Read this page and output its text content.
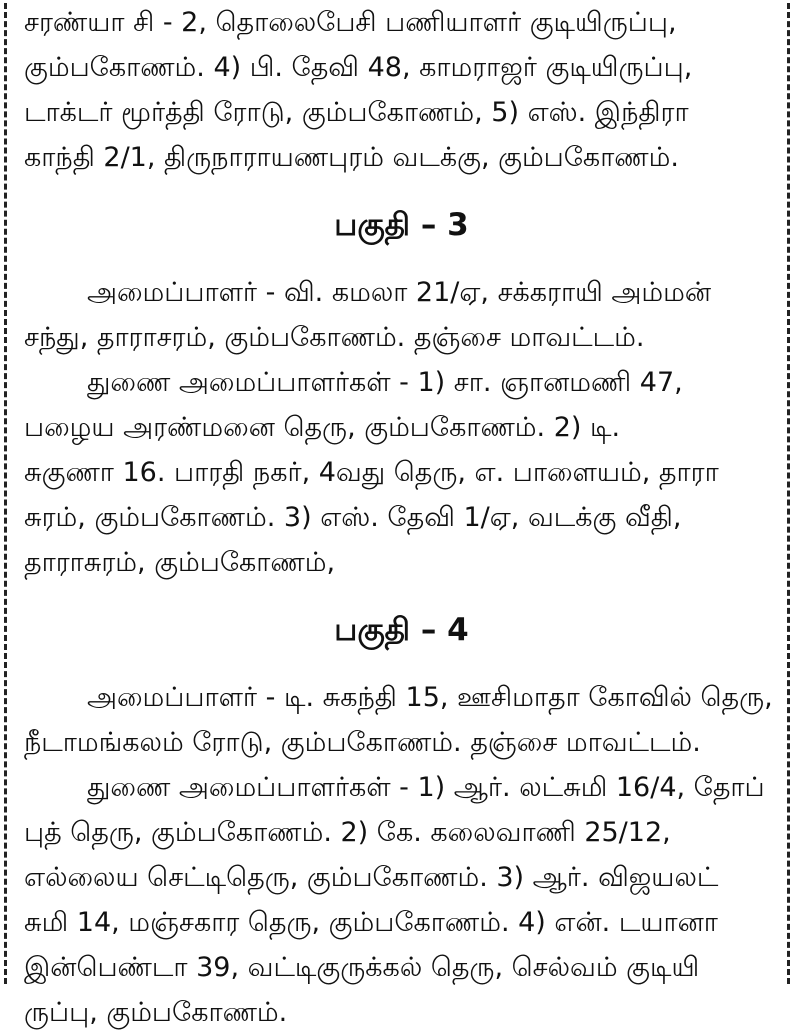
சரண்யா சி - 2, தொலைபேசி பணியாளர் குடியிருப்பு,
கும்பகோணம். 4) பி. தேவி 48, காமராஜர் குடியிருப்பு,
டாக்டர் மூர்த்தி ரோடு, கும்பகோணம், 5) எஸ். இந்திரா
காந்தி 2/1, திருநாராயணபுரம் வடக்கு, கும்பகோணம்.
பகுதி – 3
அமைப்பாளர் - வி. கமலா 21/ஏ, சக்கராயி அம்மன்
சந்து, தாராசரம், கும்பகோணம். தஞ்சை மாவட்டம்.
துணை அமைப்பாளர்கள் - 1) சா. ஞானமணி 47,
பழைய அரண்மனை தெரு, கும்பகோணம். 2) டி.
சுகுணா 16. பாரதி நகர், 4வது தெரு, எ. பாளையம், தாரா
சுரம், கும்பகோணம். 3) எஸ். தேவி 1/ஏ, வடக்கு வீதி,
தாராசுரம், கும்பகோணம்,
பகுதி – 4
அமைப்பாளர் - டி. சுகந்தி 15, ஊசிமாதா கோவில் தெரு,
நீடாமங்கலம் ரோடு, கும்பகோணம். தஞ்சை மாவட்டம்.
துணை அமைப்பாளர்கள் - 1) ஆர். லட்சுமி 16/4, தோப்
புத் தெரு, கும்பகோணம். 2) கே. கலைவாணி 25/12,
எல்லைய செட்டிதெரு, கும்பகோணம். 3) ஆர். விஜயலட்
சுமி 14, மஞ்சகார தெரு, கும்பகோணம். 4) என். டயானா
இன்பெண்டா 39, வட்டிகுருக்கல் தெரு, செல்வம் குடியி
ருப்பு, கும்பகோணம்.
